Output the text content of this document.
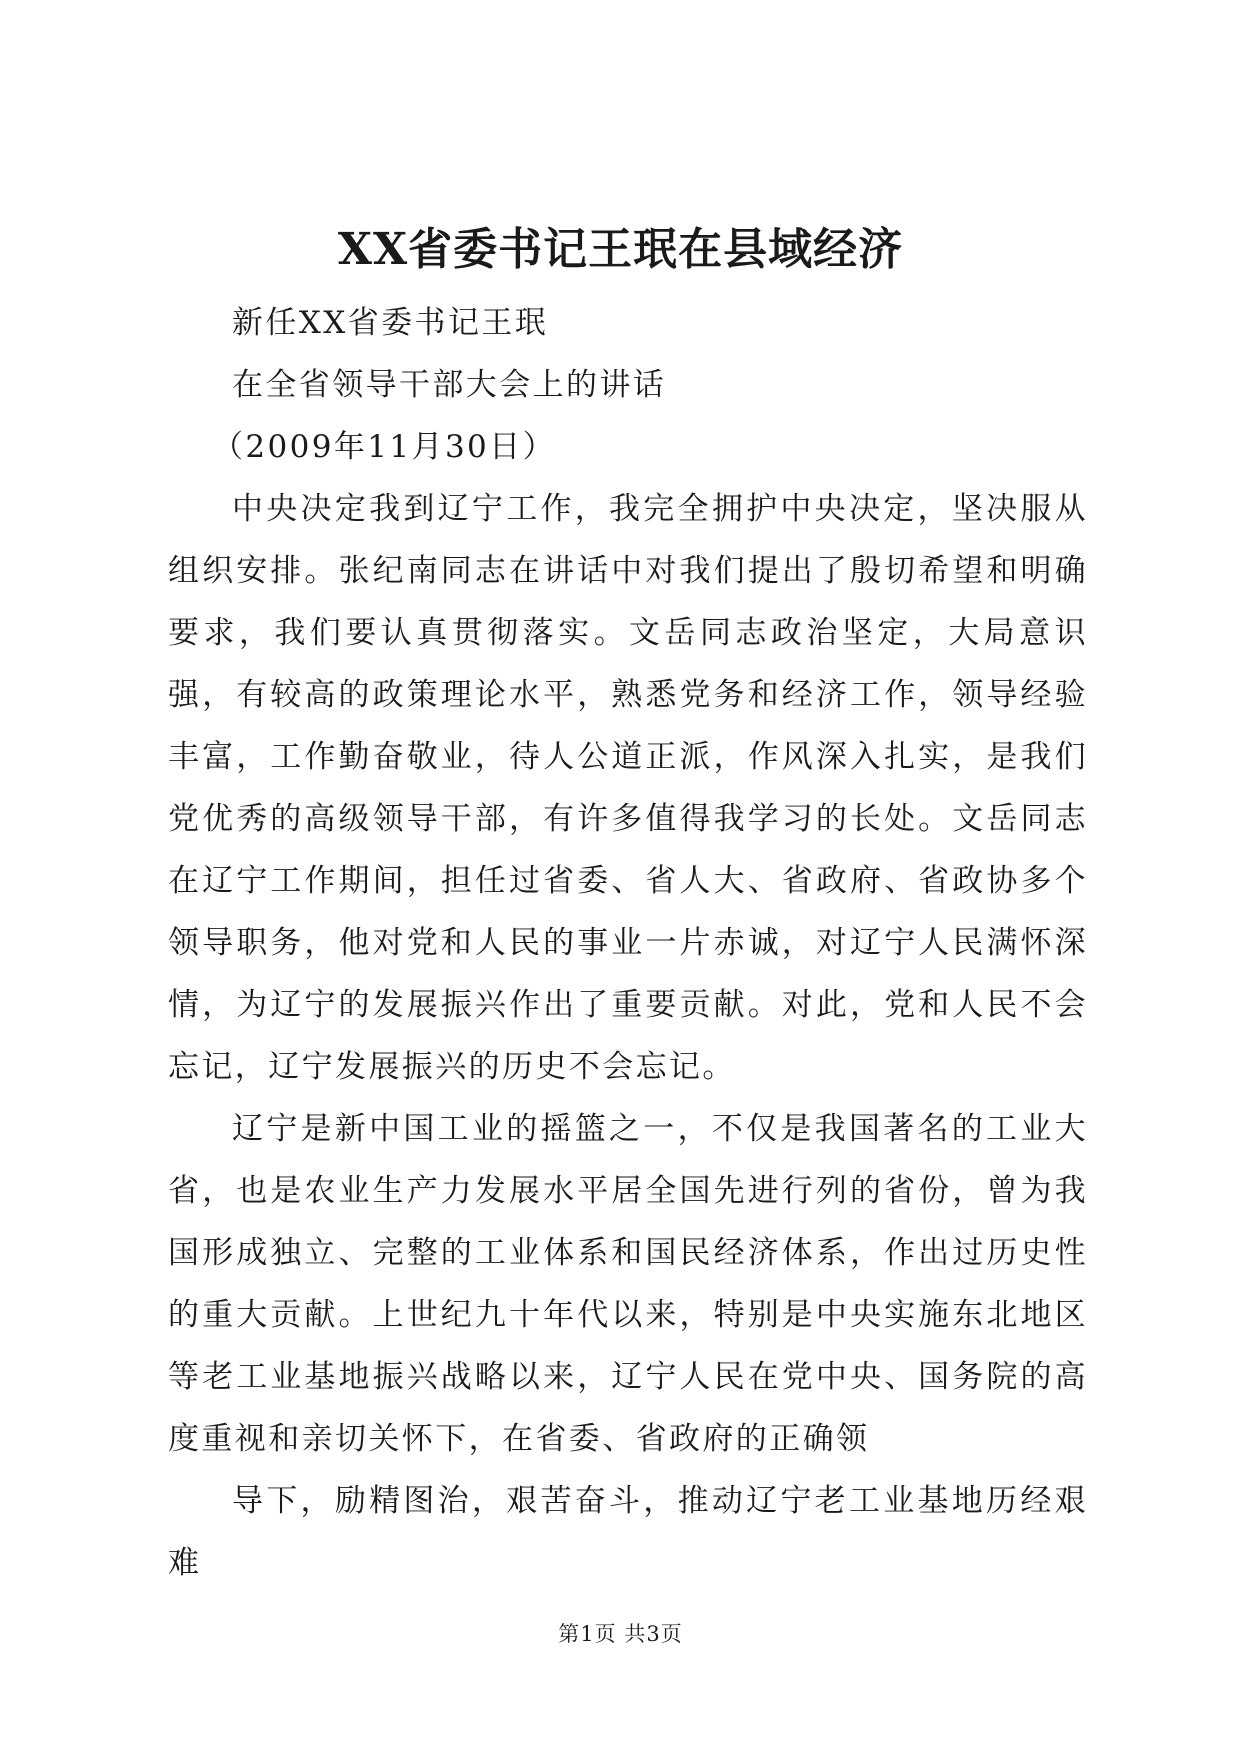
XX省委书记王珉在县域经济

新任XX省委书记王珉

在全省领导干部大会上的讲话

（2009年11月30日）

中央决定我到辽宁工作，我完全拥护中央决定，坚决服从组织安排。张纪南同志在讲话中对我们提出了殷切希望和明确要求，我们要认真贯彻落实。文岳同志政治坚定，大局意识强，有较高的政策理论水平，熟悉党务和经济工作，领导经验丰富，工作勤奋敬业，待人公道正派，作风深入扎实，是我们党优秀的高级领导干部，有许多值得我学习的长处。文岳同志在辽宁工作期间，担任过省委、省人大、省政府、省政协多个领导职务，他对党和人民的事业一片赤诚，对辽宁人民满怀深情，为辽宁的发展振兴作出了重要贡献。对此，党和人民不会忘记，辽宁发展振兴的历史不会忘记。

辽宁是新中国工业的摇篮之一，不仅是我国著名的工业大省，也是农业生产力发展水平居全国先进行列的省份，曾为我国形成独立、完整的工业体系和国民经济体系，作出过历史性的重大贡献。上世纪九十年代以来，特别是中央实施东北地区等老工业基地振兴战略以来，辽宁人民在党中央、国务院的高度重视和亲切关怀下，在省委、省政府的正确领

导下，励精图治，艰苦奋斗，推动辽宁老工业基地历经艰难

第1页 共3页
